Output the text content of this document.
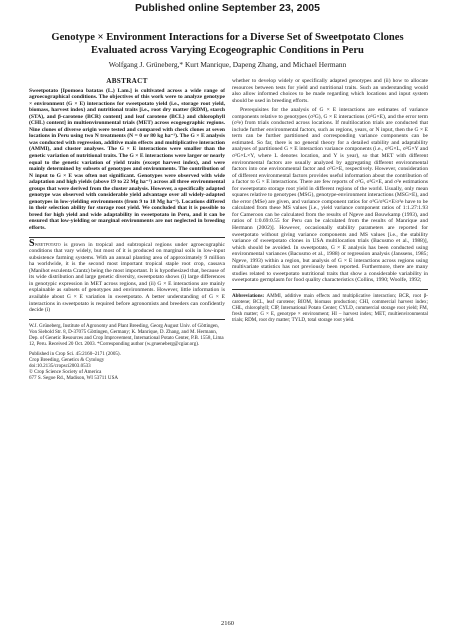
Published online September 23, 2005
Genotype × Environment Interactions for a Diverse Set of Sweetpotato Clones
Evaluated across Varying Ecogeographic Conditions in Peru
Wolfgang J. Grüneberg,* Kurt Manrique, Dapeng Zhang, and Michael Hermann
ABSTRACT

Sweetpotato [Ipomoea batatas (L.) Lam.] is cultivated across a wide range of agroecographical conditions. The objectives of this work were to analyze genotype × environment (G × E) interactions for sweetpotato yield (i.e., storage root yield, biomass, harvest index) and nutritional traits [i.e., root dry matter (RDM), starch (STA), and β-carotene (BCR) content] and leaf carotene (BCL) and chlorophyll (CHL) content] in multienvironmental trials (MET) across ecogeographic regions. Nine clones of diverse origin were tested and compared with check clones at seven locations in Peru using two N treatments (N = 0 or 80 kg ha⁻¹). The G × E analysis was conducted with regression, additive main effects and multiplicative interaction (AMMI), and cluster analyses. The G × E interactions were smaller than the genetic variation of nutritional traits. The G × E interactions were larger or nearly equal to the genetic variation of yield traits (except harvest index), and were mainly determined by subsets of genotypes and environments. The contribution of N input to G × E was often not significant. Genotypes were observed with wide adaptation and high yields (above 19 to 22 Mg ha⁻¹) across all three environmental groups that were derived from the cluster analysis. However, a specifically adapted genotype was observed with considerable yield advantage over all widely-adapted genotypes in low-yielding environments (from 9 to 18 Mg ha⁻¹). Locations differed in their selection ability for storage root yield. We concluded that it is possible to breed for high yield and wide adaptability in sweetpotato in Peru, and it can be ensured that low-yielding or marginal environments are not neglected in breeding efforts.

Sweetpotato is grown in tropical and subtropical regions under agroecographic conditions that vary widely, but most of it is produced on marginal soils in low-input subsistence farming systems. With an annual planting area of approximately 9 million ha worldwide, it is the second most important tropical staple root crop, cassava (Manihot esculenta Crantz) being the most important. It is hypothesized that, because of its wide distribution and large genetic diversity, sweetpotato shows (i) large differences in genotypic expression in MET across regions, and (ii) G × E interactions are mainly explainable as subsets of genotypes and environments. However, little information is available about G × E variation in sweetpotato. A better understanding of G × E interactions in sweetpotato is required before agronomists and breeders can confidently decide (i)

W.J. Grüneberg, Institute of Agronomy and Plant Breeding, Georg August Univ. of Göttingen, Von Siebold Str. 8, D-37075 Göttingen, Germany; K. Manrique, D. Zhang, and M. Hermann, Dep. of Genetic Resources and Crop Improvement, International Potato Center, P.B. 1558, Lima 12, Peru. Received 20 Oct. 2003. *Corresponding author (w.grueneberg@cgiar.org).

Published in Crop Sci. 45:2160–2171 (2005).
Crop Breeding, Genetics & Cytology
doi:10.2135/cropsci2003.0533
© Crop Science Society of America
677 S. Segoe Rd., Madison, WI 53711 USA

whether to develop widely or specifically adapted genotypes and (ii) how to allocate resources between tests for yield and nutritional traits. Such an understanding would also allow informed choices to be made regarding which locations and input system should be used in breeding efforts.

Prerequisites for the analysis of G × E interactions are estimates of variance components relative to genotypes (σ²G), G × E interactions (σ²G×E), and the error term (σ²e) from trials conducted across locations. If multilocation trials are conducted that include further environmental factors, such as regions, years, or N input, then the G × E term can be further partitioned and corresponding variance components can be estimated. So far, there is no general theory for a detailed stability and adaptability analyses of partitioned G × E interaction variance components (i.e., σ²G×L, σ²G×Y and σ²G×L×Y, where L denotes location, and Y is year), so that MET with different environmental factors are usually analyzed by aggregating different environmental factors into one environmental factor and σ²G×E, respectively. However, consideration of different environmental factors provides useful information about the contribution of a factor to G × E interactions. There are few reports of σ²G, σ²G×E, and σ²e estimations for sweetpotato storage root yield in different regions of the world. Usually, only mean squares relative to genotypes (MSG), genotype-environment interactions (MSG×E), and the error (MSe) are given, and variance component ratios for σ²G/σ²G×E/σ²e have to be calculated from these MS values [i.e., yield variance component ratios of 1:1.27:1.93 for Cameroon can be calculated from the results of Ngeve and Bouwkamp (1993), and ratios of 1:0.69:0.55 for Peru can be calculated from the results of Manrique and Hermann (2002)]. However, occasionally stability parameters are reported for sweetpotato without giving variance components and MS values [i.e., the stability variance of sweetpotato clones in USA multilocation trials (Bacusmo et al., 1988)], which should be avoided. In sweetpotato, G × E analysis has been conducted using environmental variances (Bacusmo et al., 1988) or regression analysis (Janssens, 1985; Ngeve, 1993) within a region, but analysis of G × E interactions across regions using multivariate statistics has not previously been reported. Furthermore, there are many studies related to sweetpotato nutritional traits that show a considerable variability in sweetpotato germplasm for food quality characteristics (Collins, 1990; Woolfe, 1992;

Abbreviations: AMMI, additive main effects and multiplicative interaction; BCR, root β-carotene; BCL, leaf carotene; BIOM, biomass production; CHI, commercial harvest index; CHL, chlorophyll; CIP, International Potato Center; CYLD, commercial storage root yield; FM, fresh matter; G × E, genotype × environment; HI – harvest index; MET, multienvironmental trials; RDM, root dry matter; TYLD, total storage root yield.

2160
